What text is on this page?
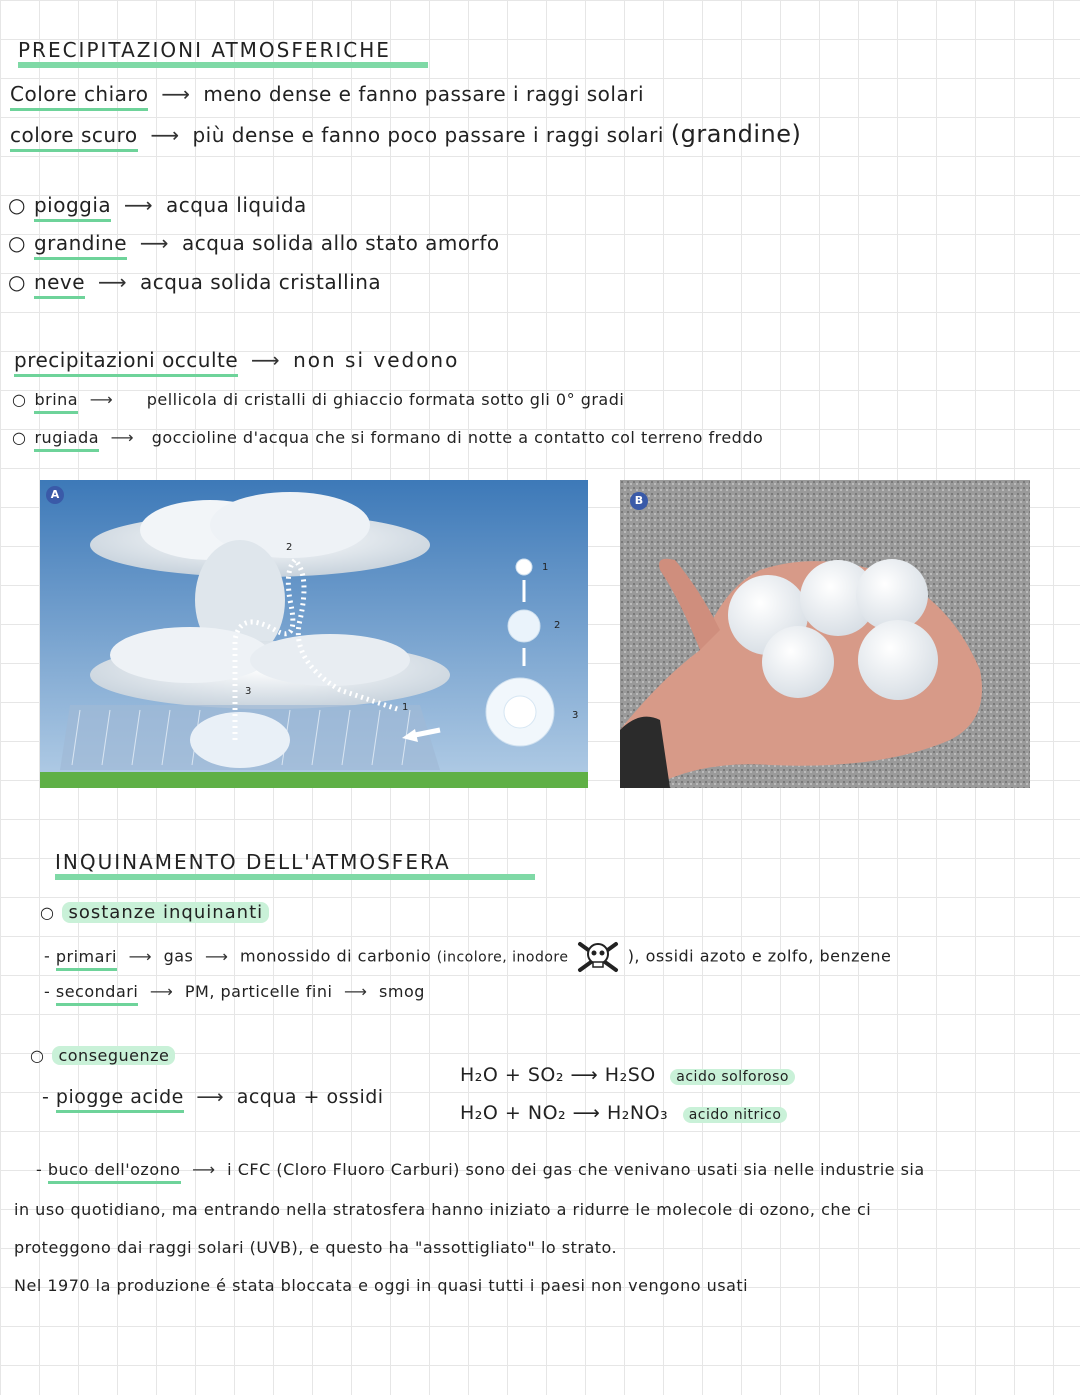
PRECIPITAZIONI ATMOSFERICHE
Colore chiaro ⟶ meno dense e fanno passare i raggi solari
colore scuro ⟶ più dense e fanno poco passare i raggi solari (grandine)
○ pioggia ⟶ acqua liquida
○ grandine ⟶ acqua solida allo stato amorfo
○ neve ⟶ acqua solida cristallina
precipitazioni occulte ⟶ non si vedono
○ brina ⟶ pellicola di cristalli di ghiaccio formata sotto gli 0° gradi
○ rugiada ⟶ goccioline d'acqua che si formano di notte a contatto col terreno freddo
A
2
3
1
1
2
3
B
INQUINAMENTO DELL'ATMOSFERA
○ sostanze inquinanti
- primari ⟶ gas ⟶ monossido di carbonio (incolore, inodore	), ossidi azoto e zolfo, benzene
- secondari ⟶ PM, particelle fini ⟶ smog
○ conseguenze
- piogge acide ⟶ acqua + ossidi
H₂O + SO₂ ⟶ H₂SO acido solforoso
H₂O + NO₂ ⟶ H₂NO₃ acido nitrico
- buco dell'ozono ⟶ i CFC (Cloro Fluoro Carburi) sono dei gas che venivano usati sia nelle industrie sia
in uso quotidiano, ma entrando nella stratosfera hanno iniziato a ridurre le molecole di ozono, che ci
proteggono dai raggi solari (UVB), e questo ha "assottigliato" lo strato.
Nel 1970 la produzione é stata bloccata e oggi in quasi tutti i paesi non vengono usati
